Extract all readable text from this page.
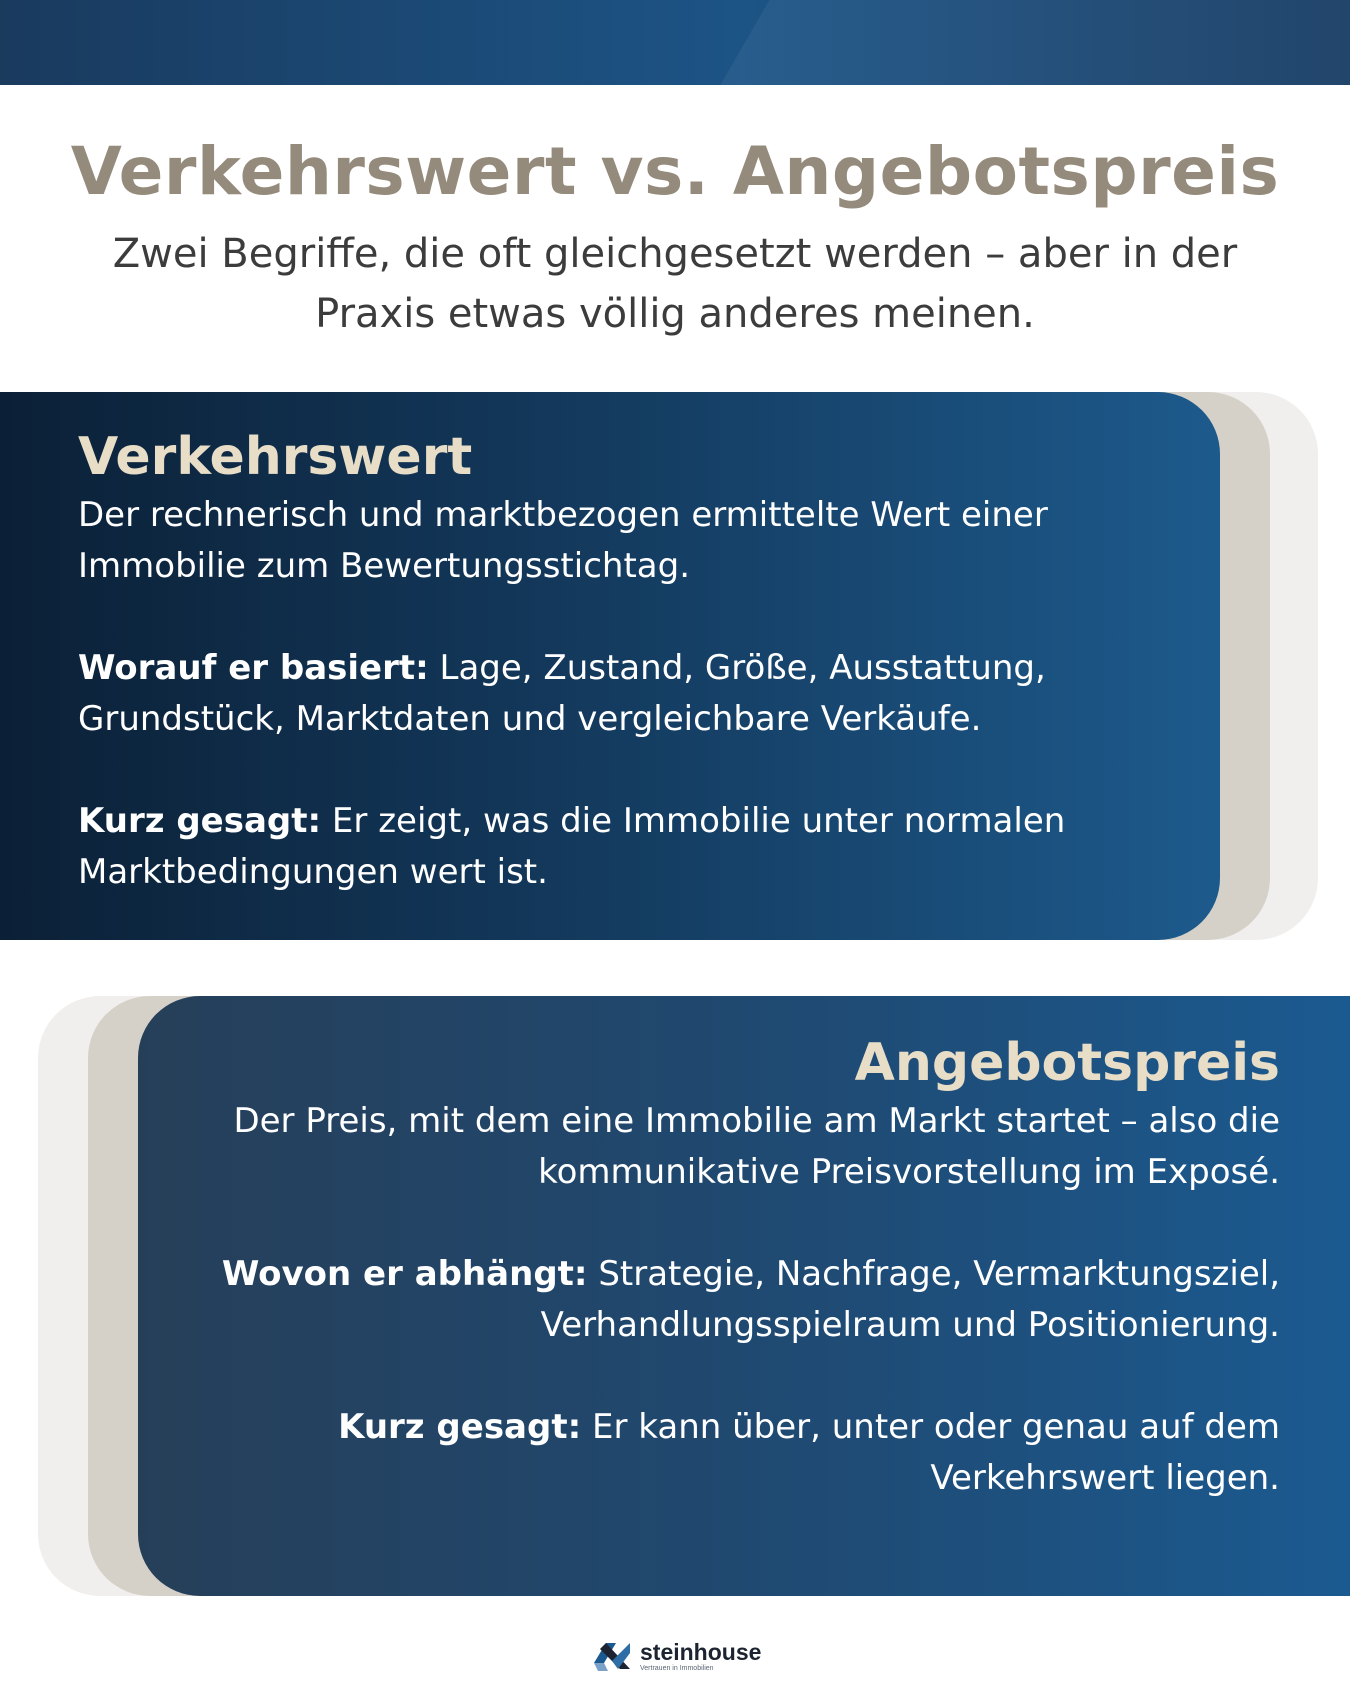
Verkehrswert vs. Angebotspreis

Zwei Begriffe, die oft gleichgesetzt werden – aber in der Praxis etwas völlig anderes meinen.

Verkehrswert

Der rechnerisch und marktbezogen ermittelte Wert einer Immobilie zum Bewertungsstichtag.

Worauf er basiert: Lage, Zustand, Größe, Ausstattung, Grundstück, Marktdaten und vergleichbare Verkäufe.

Kurz gesagt: Er zeigt, was die Immobilie unter normalen Marktbedingungen wert ist.

Angebotspreis

Der Preis, mit dem eine Immobilie am Markt startet – also die kommunikative Preisvorstellung im Exposé.

Wovon er abhängt: Strategie, Nachfrage, Vermarktungsziel, Verhandlungsspielraum und Positionierung.

Kurz gesagt: Er kann über, unter oder genau auf dem Verkehrswert liegen.

steinhouse
Vertrauen in Immobilien
